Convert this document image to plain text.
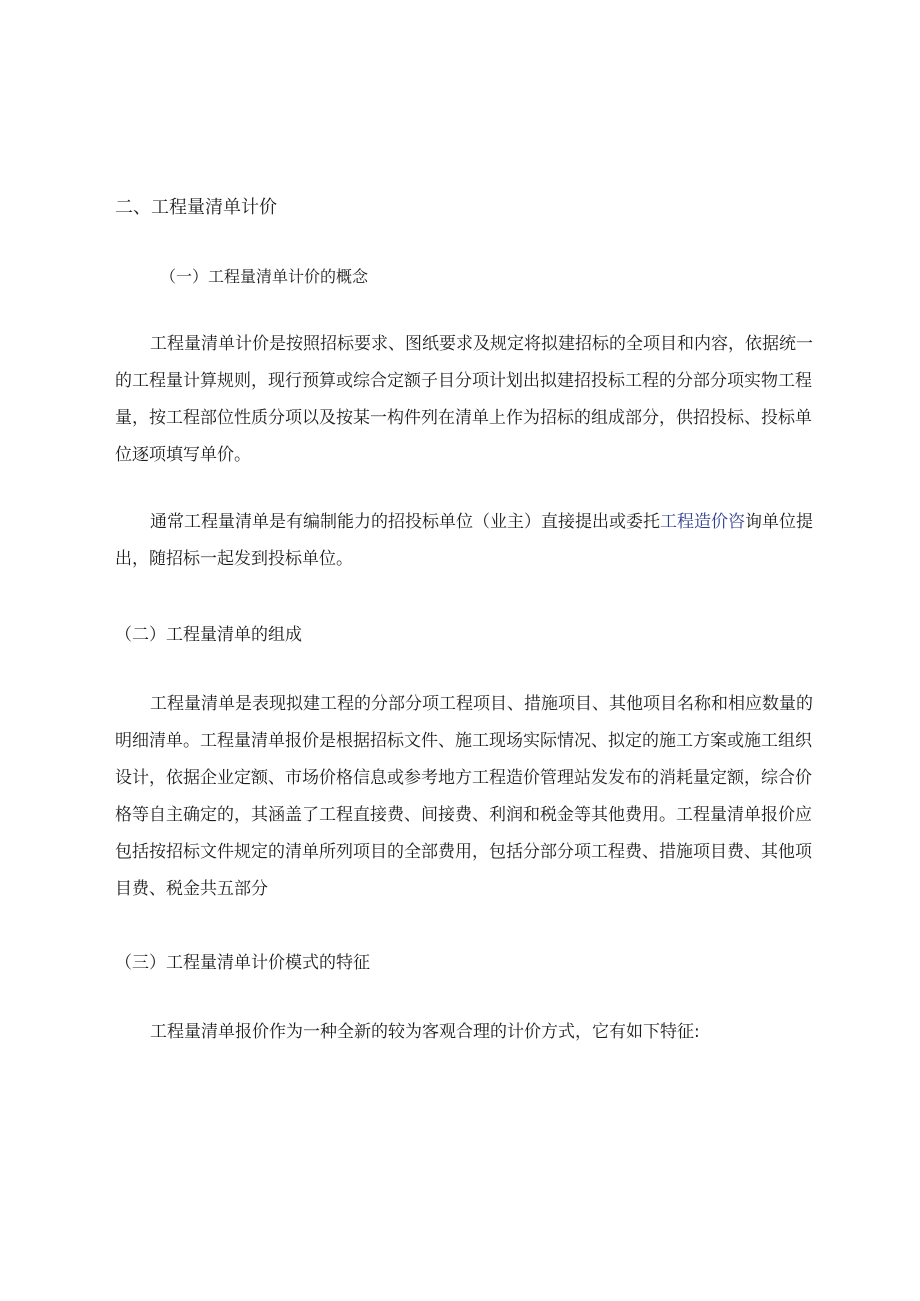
二、工程量清单计价
（一）工程量清单计价的概念
工程量清单计价是按照招标要求、图纸要求及规定将拟建招标的全项目和内容，依据统一
的工程量计算规则，现行预算或综合定额子目分项计划出拟建招投标工程的分部分项实物工程
量，按工程部位性质分项以及按某一构件列在清单上作为招标的组成部分，供招投标、投标单
位逐项填写单价。
通常工程量清单是有编制能力的招投标单位（业主）直接提出或委托工程造价咨询单位提
出，随招标一起发到投标单位。
（二）工程量清单的组成
工程量清单是表现拟建工程的分部分项工程项目、措施项目、其他项目名称和相应数量的
明细清单。工程量清单报价是根据招标文件、施工现场实际情况、拟定的施工方案或施工组织
设计，依据企业定额、市场价格信息或参考地方工程造价管理站发发布的消耗量定额，综合价
格等自主确定的，其涵盖了工程直接费、间接费、利润和税金等其他费用。工程量清单报价应
包括按招标文件规定的清单所列项目的全部费用，包括分部分项工程费、措施项目费、其他项
目费、税金共五部分
（三）工程量清单计价模式的特征
工程量清单报价作为一种全新的较为客观合理的计价方式，它有如下特征:
